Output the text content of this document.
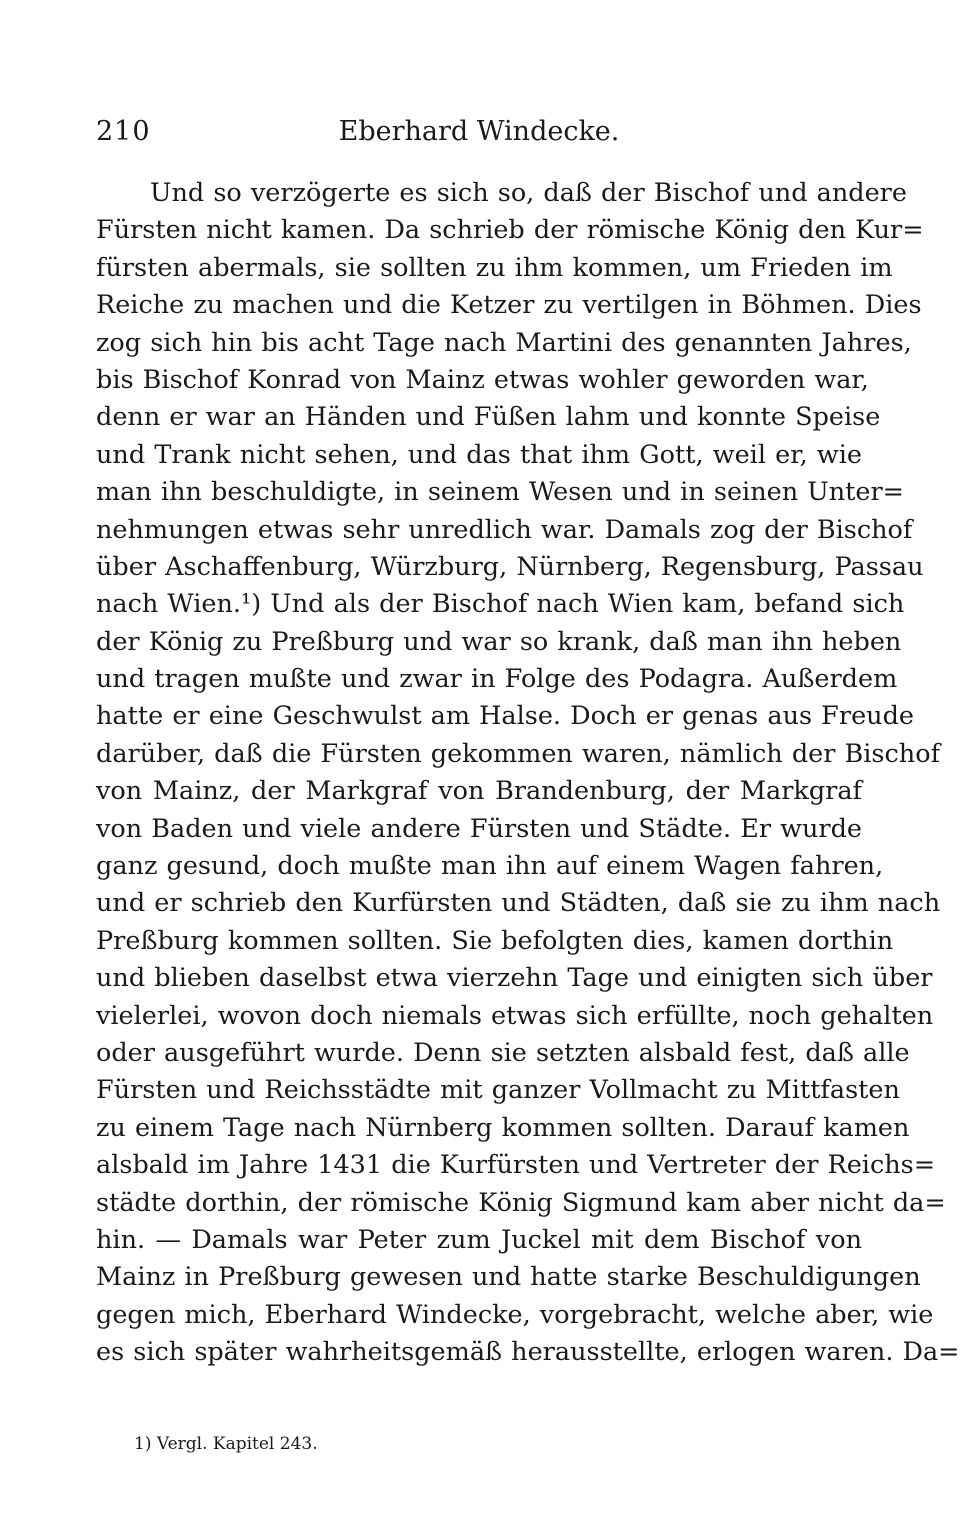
210	Eberhard Windecke.
Und so verzögerte es sich so, daß der Bischof und andere
Fürsten nicht kamen. Da schrieb der römische König den Kur=
fürsten abermals, sie sollten zu ihm kommen, um Frieden im
Reiche zu machen und die Ketzer zu vertilgen in Böhmen. Dies
zog sich hin bis acht Tage nach Martini des genannten Jahres,
bis Bischof Konrad von Mainz etwas wohler geworden war,
denn er war an Händen und Füßen lahm und konnte Speise
und Trank nicht sehen, und das that ihm Gott, weil er, wie
man ihn beschuldigte, in seinem Wesen und in seinen Unter=
nehmungen etwas sehr unredlich war. Damals zog der Bischof
über Aschaffenburg, Würzburg, Nürnberg, Regensburg, Passau
nach Wien.¹) Und als der Bischof nach Wien kam, befand sich
der König zu Preßburg und war so krank, daß man ihn heben
und tragen mußte und zwar in Folge des Podagra. Außerdem
hatte er eine Geschwulst am Halse. Doch er genas aus Freude
darüber, daß die Fürsten gekommen waren, nämlich der Bischof
von Mainz, der Markgraf von Brandenburg, der Markgraf
von Baden und viele andere Fürsten und Städte. Er wurde
ganz gesund, doch mußte man ihn auf einem Wagen fahren,
und er schrieb den Kurfürsten und Städten, daß sie zu ihm nach
Preßburg kommen sollten. Sie befolgten dies, kamen dorthin
und blieben daselbst etwa vierzehn Tage und einigten sich über
vielerlei, wovon doch niemals etwas sich erfüllte, noch gehalten
oder ausgeführt wurde. Denn sie setzten alsbald fest, daß alle
Fürsten und Reichsstädte mit ganzer Vollmacht zu Mittfasten
zu einem Tage nach Nürnberg kommen sollten. Darauf kamen
alsbald im Jahre 1431 die Kurfürsten und Vertreter der Reichs=
städte dorthin, der römische König Sigmund kam aber nicht da=
hin. — Damals war Peter zum Juckel mit dem Bischof von
Mainz in Preßburg gewesen und hatte starke Beschuldigungen
gegen mich, Eberhard Windecke, vorgebracht, welche aber, wie
es sich später wahrheitsgemäß herausstellte, erlogen waren. Da=
1) Vergl. Kapitel 243.
